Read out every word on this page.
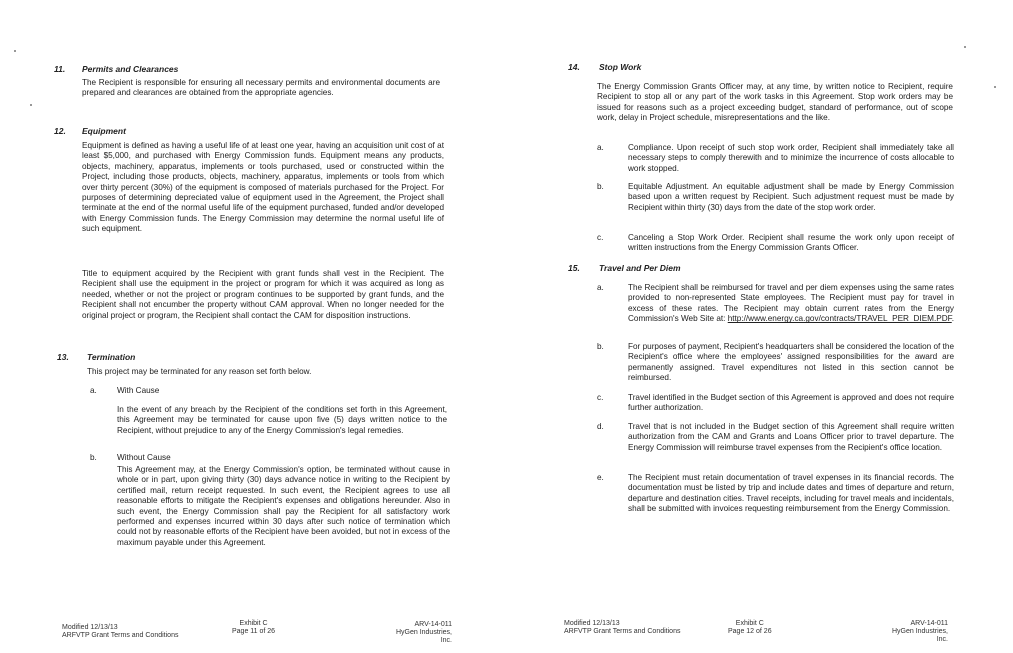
11. Permits and Clearances
The Recipient is responsible for ensuring all necessary permits and environmental documents are prepared and clearances are obtained from the appropriate agencies.
12. Equipment
Equipment is defined as having a useful life of at least one year, having an acquisition unit cost of at least $5,000, and purchased with Energy Commission funds. Equipment means any products, objects, machinery, apparatus, implements or tools purchased, used or constructed within the Project, including those products, objects, machinery, apparatus, implements or tools from which over thirty percent (30%) of the equipment is composed of materials purchased for the Project. For purposes of determining depreciated value of equipment used in the Agreement, the Project shall terminate at the end of the normal useful life of the equipment purchased, funded and/or developed with Energy Commission funds. The Energy Commission may determine the normal useful life of such equipment.
Title to equipment acquired by the Recipient with grant funds shall vest in the Recipient. The Recipient shall use the equipment in the project or program for which it was acquired as long as needed, whether or not the project or program continues to be supported by grant funds, and the Recipient shall not encumber the property without CAM approval. When no longer needed for the original project or program, the Recipient shall contact the CAM for disposition instructions.
13. Termination
This project may be terminated for any reason set forth below.
a. With Cause
In the event of any breach by the Recipient of the conditions set forth in this Agreement, this Agreement may be terminated for cause upon five (5) days written notice to the Recipient, without prejudice to any of the Energy Commission's legal remedies.
b. Without Cause
This Agreement may, at the Energy Commission's option, be terminated without cause in whole or in part, upon giving thirty (30) days advance notice in writing to the Recipient by certified mail, return receipt requested. In such event, the Recipient agrees to use all reasonable efforts to mitigate the Recipient's expenses and obligations hereunder. Also in such event, the Energy Commission shall pay the Recipient for all satisfactory work performed and expenses incurred within 30 days after such notice of termination which could not by reasonable efforts of the Recipient have been avoided, but not in excess of the maximum payable under this Agreement.
Modified 12/13/13
ARFVTP Grant Terms and Conditions
Exhibit C
Page 11 of 26
ARV-14-011
HyGen Industries, Inc.
14. Stop Work
The Energy Commission Grants Officer may, at any time, by written notice to Recipient, require Recipient to stop all or any part of the work tasks in this Agreement. Stop work orders may be issued for reasons such as a project exceeding budget, standard of performance, out of scope work, delay in Project schedule, misrepresentations and the like.
a.	Compliance. Upon receipt of such stop work order, Recipient shall immediately take all necessary steps to comply therewith and to minimize the incurrence of costs allocable to work stopped.
b.	Equitable Adjustment. An equitable adjustment shall be made by Energy Commission based upon a written request by Recipient. Such adjustment request must be made by Recipient within thirty (30) days from the date of the stop work order.
c.	Canceling a Stop Work Order. Recipient shall resume the work only upon receipt of written instructions from the Energy Commission Grants Officer.
15. Travel and Per Diem
a.	The Recipient shall be reimbursed for travel and per diem expenses using the same rates provided to non-represented State employees. The Recipient must pay for travel in excess of these rates. The Recipient may obtain current rates from the Energy Commission's Web Site at: http://www.energy.ca.gov/contracts/TRAVEL_PER_DIEM.PDF.
b.	For purposes of payment, Recipient's headquarters shall be considered the location of the Recipient's office where the employees' assigned responsibilities for the award are permanently assigned. Travel expenditures not listed in this section cannot be reimbursed.
c.	Travel identified in the Budget section of this Agreement is approved and does not require further authorization.
d.	Travel that is not included in the Budget section of this Agreement shall require written authorization from the CAM and Grants and Loans Officer prior to travel departure. The Energy Commission will reimburse travel expenses from the Recipient's office location.
e.	The Recipient must retain documentation of travel expenses in its financial records. The documentation must be listed by trip and include dates and times of departure and return, departure and destination cities. Travel receipts, including for travel meals and incidentals, shall be submitted with invoices requesting reimbursement from the Energy Commission.
Modified 12/13/13
ARFVTP Grant Terms and Conditions
Exhibit C
Page 12 of 26
ARV-14-011
HyGen Industries, Inc.
